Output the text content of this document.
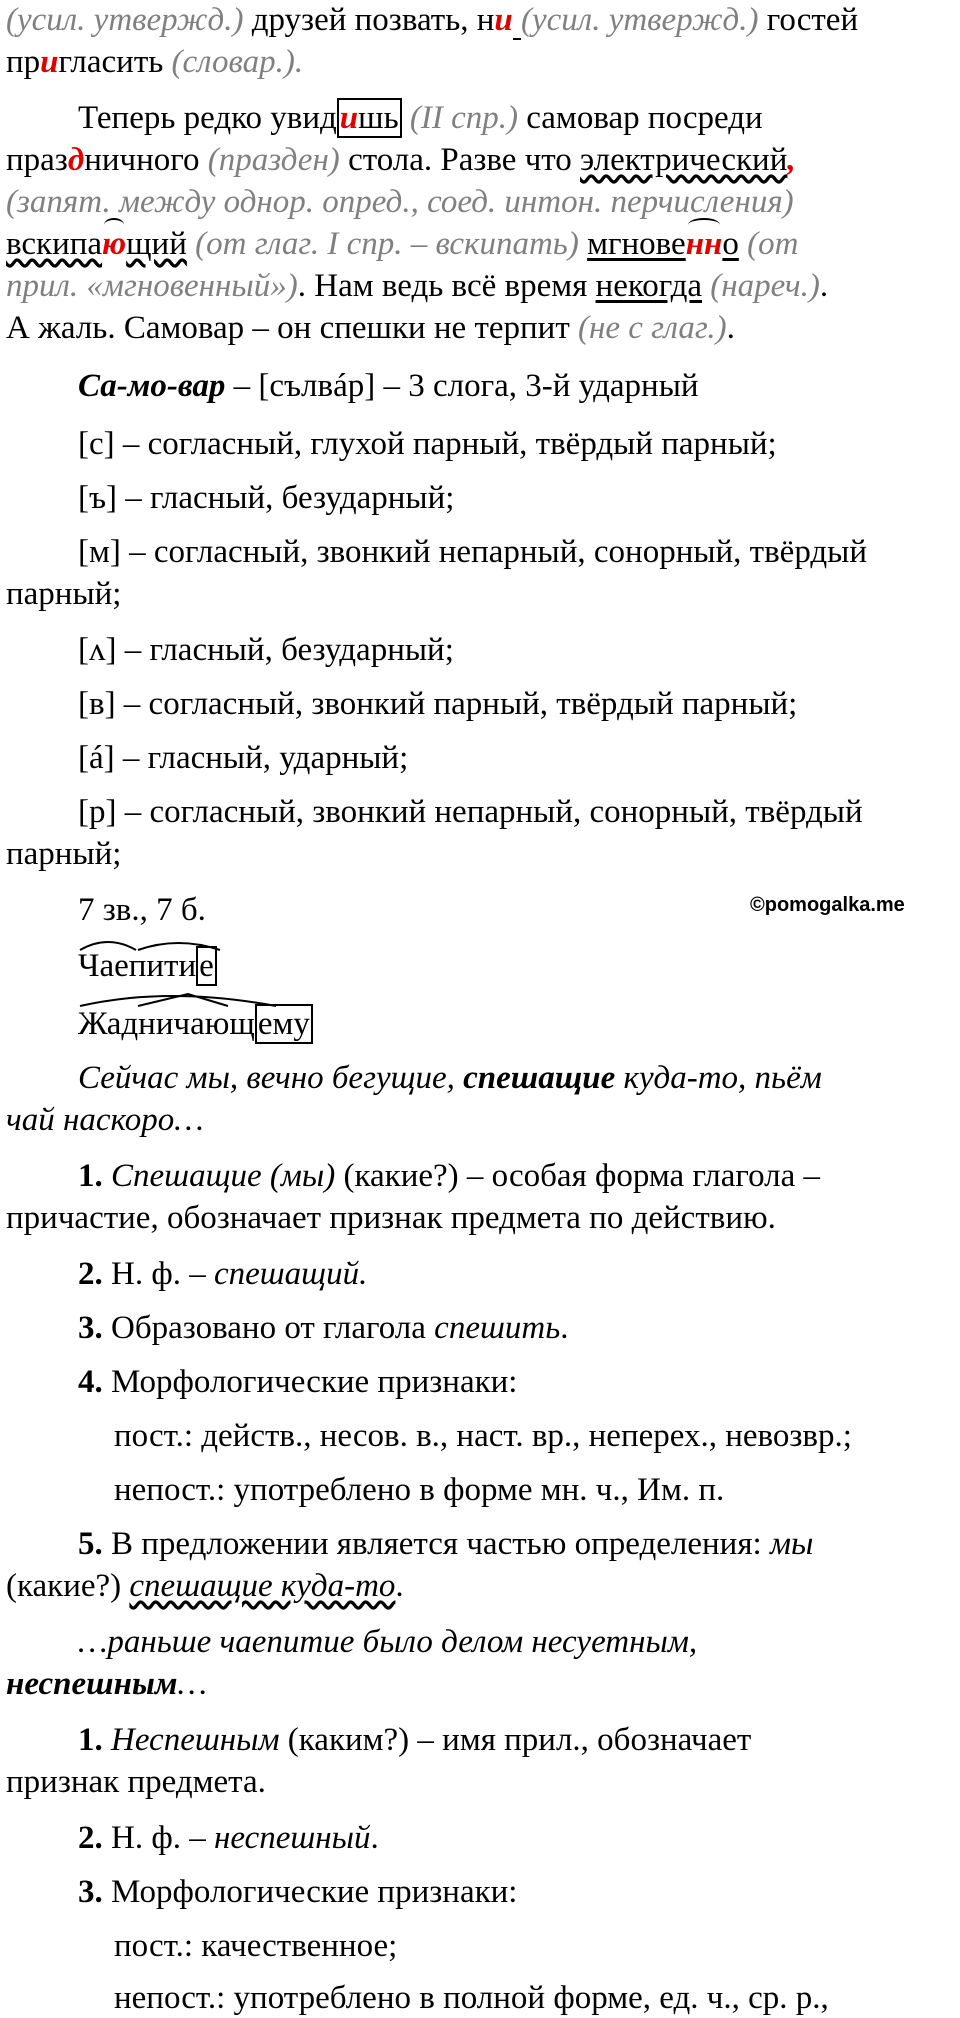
(усил. утвержд.) друзей позвать, ни (усил. утвержд.) гостей
пригласить (словар.).
Теперь редко увидишь (II спр.) самовар посреди
праздничного (празден) стола. Разве что электрический,
(запят. между однор. опред., соед. интон. перчисления)
вскипающий (от глаг. I спр. – вскипать) мгновенно (от
прил. «мгновенный»). Нам ведь всё время некогда (нареч.).
А жаль. Самовар – он спешки не терпит (не с глаг.).
Са-мо-вар – [сълвáр] – 3 слога, 3-й ударный
[с] – согласный, глухой парный, твёрдый парный;
[ъ] – гласный, безударный;
[м] – согласный, звонкий непарный, сонорный, твёрдый
парный;
[ʌ] – гласный, безударный;
[в] – согласный, звонкий парный, твёрдый парный;
[á] – гласный, ударный;
[р] – согласный, звонкий непарный, сонорный, твёрдый
парный;
7 зв., 7 б.	©pomogalka.me
Чаепитие
Жадничающему
Сейчас мы, вечно бегущие, спешащие куда-то, пьём
чай наскоро…
1. Спешащие (мы) (какие?) – особая форма глагола –
причастие, обозначает признак предмета по действию.
2. Н. ф. – спешащий.
3. Образовано от глагола спешить.
4. Морфологические признаки:
пост.: действ., несов. в., наст. вр., неперех., невозвр.;
непост.: употреблено в форме мн. ч., Им. п.
5. В предложении является частью определения: мы
(какие?) спешащие куда-то.
…раньше чаепитие было делом несуетным,
неспешным…
1. Неспешным (каким?) – имя прил., обозначает
признак предмета.
2. Н. ф. – неспешный.
3. Морфологические признаки:
пост.: качественное;
непост.: употреблено в полной форме, ед. ч., ср. р.,
